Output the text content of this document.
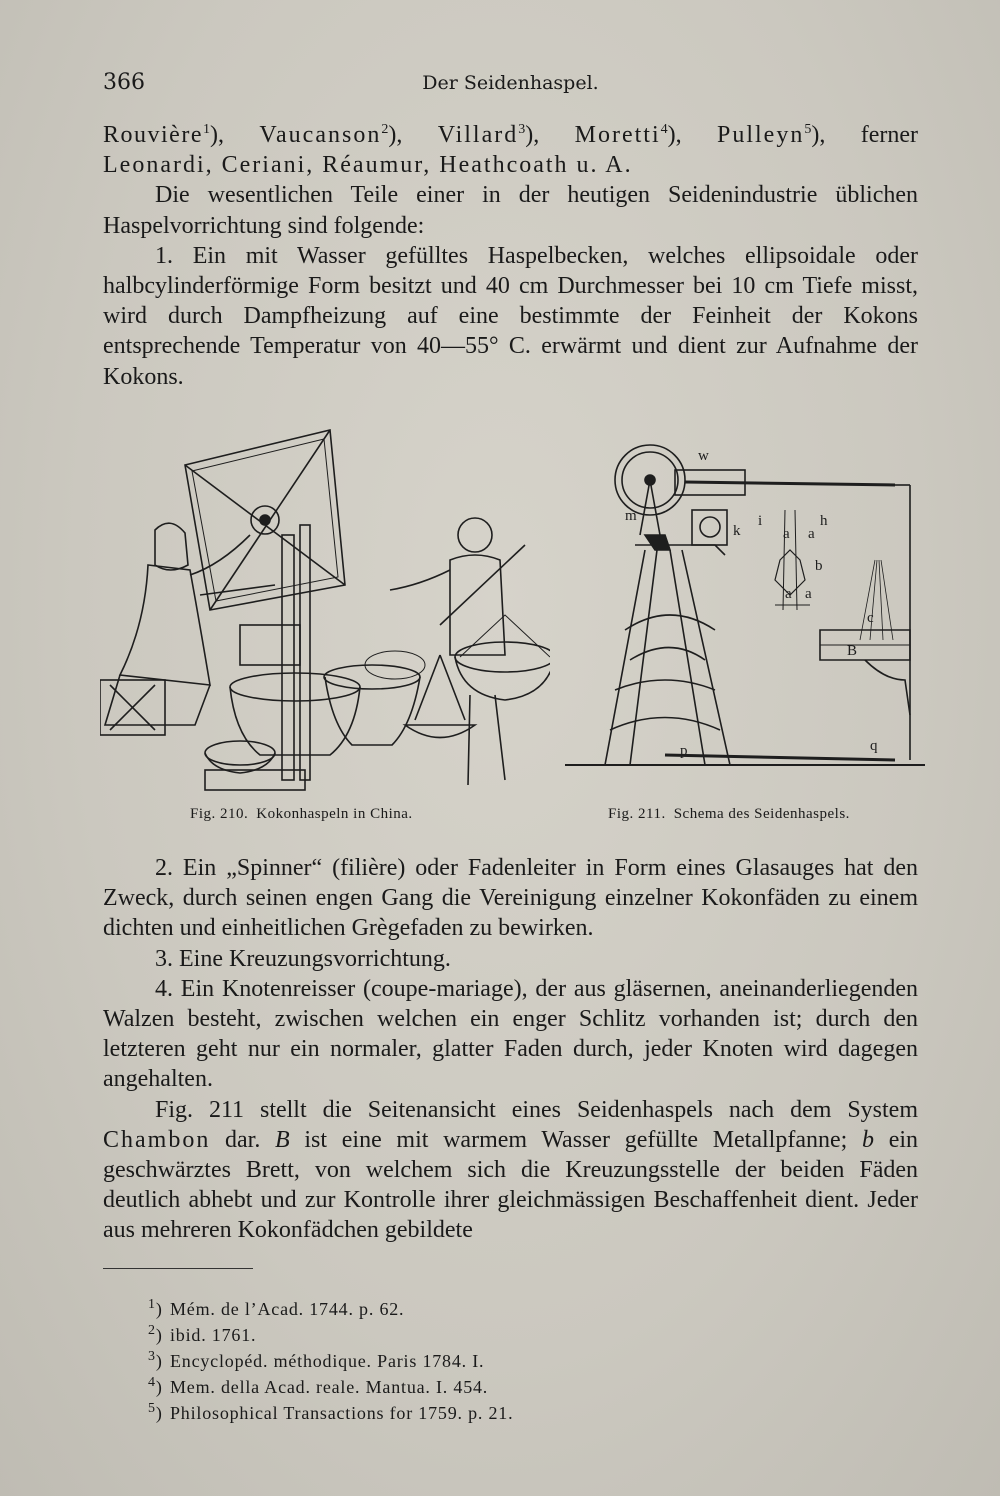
366	Der Seidenhaspel.

Rouvière$^1$), Vaucanson$^2$), Villard$^3$), Moretti$^4$), Pulleyn$^5$), ferner

Leonardi, Ceriani, Réaumur, Heathcoath u. A.

Die wesentlichen Teile einer in der heutigen Seidenindustrie üblichen Haspelvorrichtung sind folgende:

1. Ein mit Wasser gefülltes Haspelbecken, welches ellipsoidale oder halbcylinderförmige Form besitzt und 40 cm Durchmesser bei 10 cm Tiefe misst, wird durch Dampfheizung auf eine bestimmte der Feinheit der Kokons entsprechende Temperatur von 40—55° C. erwärmt und dient zur Aufnahme der Kokons.

Fig. 210. Kokonhaspeln in China.
w
m
k
i	h
a a
b
a a
c
B
p	q
Fig. 211. Schema des Seidenhaspels.

2. Ein „Spinner“ (filière) oder Fadenleiter in Form eines Glasauges hat den Zweck, durch seinen engen Gang die Vereinigung einzelner Kokonfäden zu einem dichten und einheitlichen Grègefaden zu bewirken.

3. Eine Kreuzungsvorrichtung.

4. Ein Knotenreisser (coupe-mariage), der aus gläsernen, aneinanderliegenden Walzen besteht, zwischen welchen ein enger Schlitz vorhanden ist; durch den letzteren geht nur ein normaler, glatter Faden durch, jeder Knoten wird dagegen angehalten.

Fig. 211 stellt die Seitenansicht eines Seidenhaspels nach dem System Chambon dar. B ist eine mit warmem Wasser gefüllte Metallpfanne; b ein geschwärztes Brett, von welchem sich die Kreuzungsstelle der beiden Fäden deutlich abhebt und zur Kontrolle ihrer gleichmässigen Beschaffenheit dient. Jeder aus mehreren Kokonfädchen gebildete

$^1$) Mém. de l’Acad. 1744. p. 62.
$^2$) ibid. 1761.
$^3$) Encyclopéd. méthodique. Paris 1784. I.
$^4$) Mem. della Acad. reale. Mantua. I. 454.
$^5$) Philosophical Transactions for 1759. p. 21.
